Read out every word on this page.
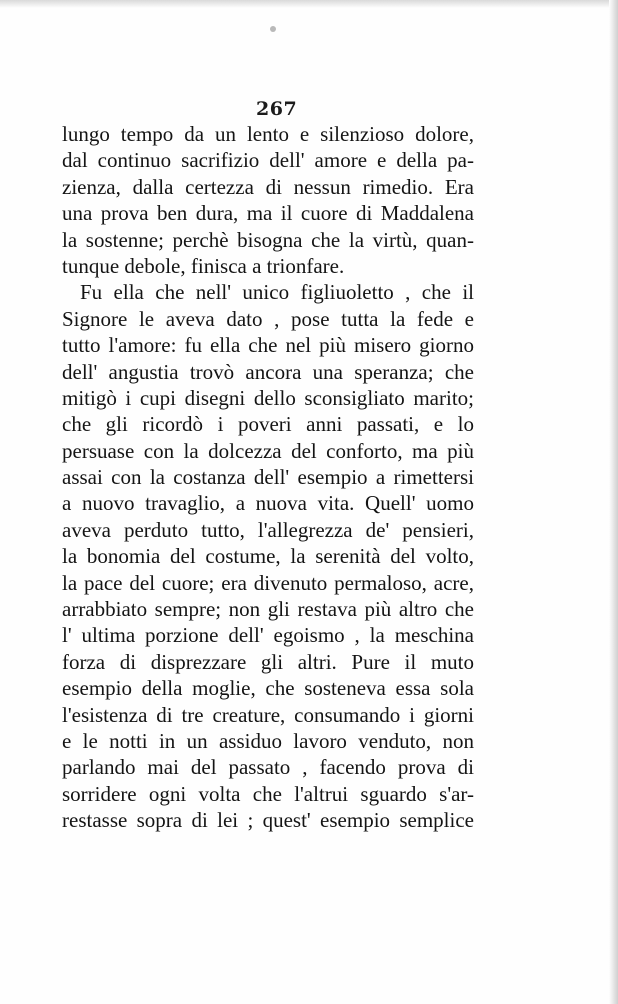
267
lungo tempo da un lento e silenzioso dolore,
dal continuo sacrifizio dell' amore e della pa-
zienza, dalla certezza di nessun rimedio. Era
una prova ben dura, ma il cuore di Maddalena
la sostenne; perchè bisogna che la virtù, quan-
tunque debole, finisca a trionfare.
Fu ella che nell' unico figliuoletto , che il
Signore le aveva dato , pose tutta la fede e
tutto l'amore: fu ella che nel più misero giorno
dell' angustia trovò ancora una speranza; che
mitigò i cupi disegni dello sconsigliato marito;
che gli ricordò i poveri anni passati, e lo
persuase con la dolcezza del conforto, ma più
assai con la costanza dell' esempio a rimettersi
a nuovo travaglio, a nuova vita. Quell' uomo
aveva perduto tutto, l'allegrezza de' pensieri,
la bonomia del costume, la serenità del volto,
la pace del cuore; era divenuto permaloso, acre,
arrabbiato sempre; non gli restava più altro che
l' ultima porzione dell' egoismo , la meschina
forza di disprezzare gli altri. Pure il muto
esempio della moglie, che sosteneva essa sola
l'esistenza di tre creature, consumando i giorni
e le notti in un assiduo lavoro venduto, non
parlando mai del passato , facendo prova di
sorridere ogni volta che l'altrui sguardo s'ar-
restasse sopra di lei ; quest' esempio semplice
